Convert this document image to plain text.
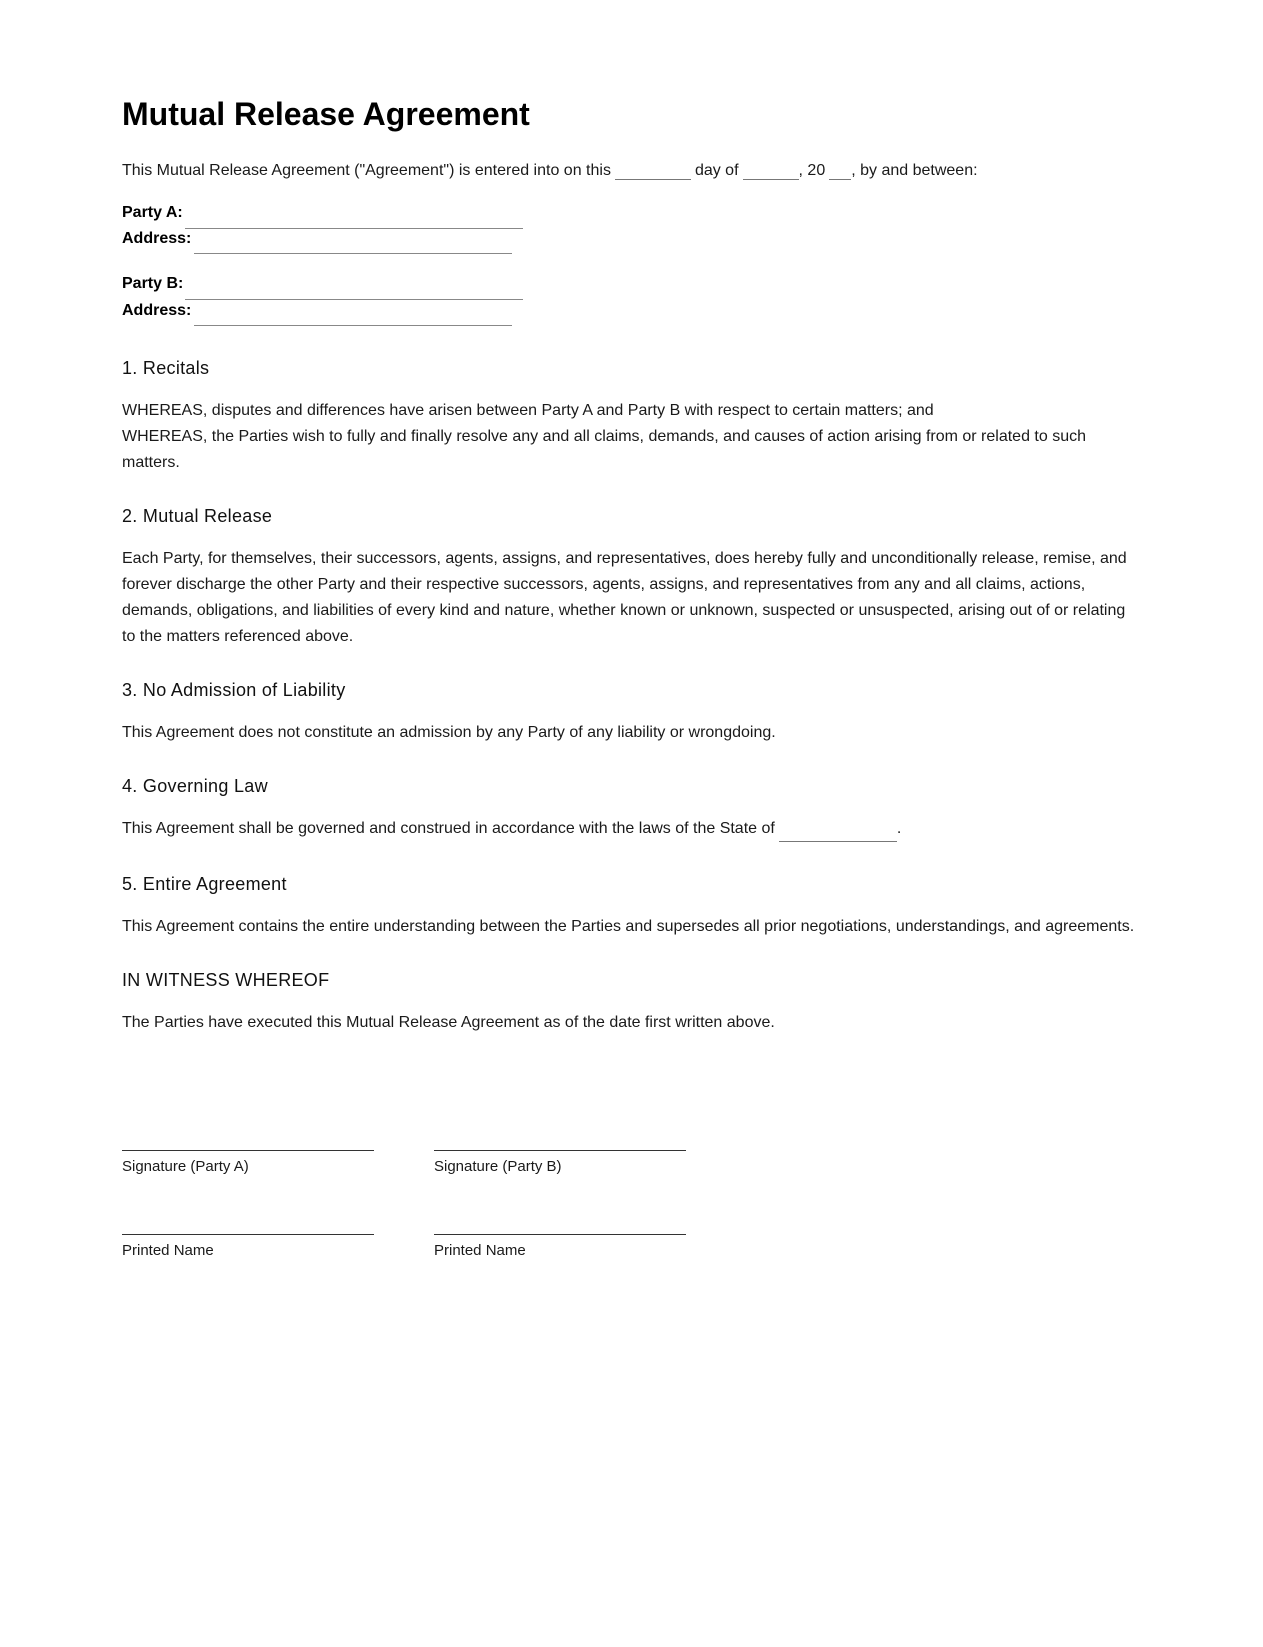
Mutual Release Agreement
This Mutual Release Agreement ("Agreement") is entered into on this	day of	, 20 , by and between:
Party A:
Address:
Party B:
Address:
1. Recitals

WHEREAS, disputes and differences have arisen between Party A and Party B with respect to certain matters; and
WHEREAS, the Parties wish to fully and finally resolve any and all claims, demands, and causes of action arising from or related to such matters.

2. Mutual Release

Each Party, for themselves, their successors, agents, assigns, and representatives, does hereby fully and unconditionally release, remise, and forever discharge the other Party and their respective successors, agents, assigns, and representatives from any and all claims, actions, demands, obligations, and liabilities of every kind and nature, whether known or unknown, suspected or unsuspected, arising out of or relating to the matters referenced above.

3. No Admission of Liability

This Agreement does not constitute an admission by any Party of any liability or wrongdoing.

4. Governing Law

This Agreement shall be governed and construed in accordance with the laws of the State of	.

5. Entire Agreement

This Agreement contains the entire understanding between the Parties and supersedes all prior negotiations, understandings, and agreements.

IN WITNESS WHEREOF

The Parties have executed this Mutual Release Agreement as of the date first written above.

Signature (Party A)	Signature (Party B)
Printed Name	Printed Name
